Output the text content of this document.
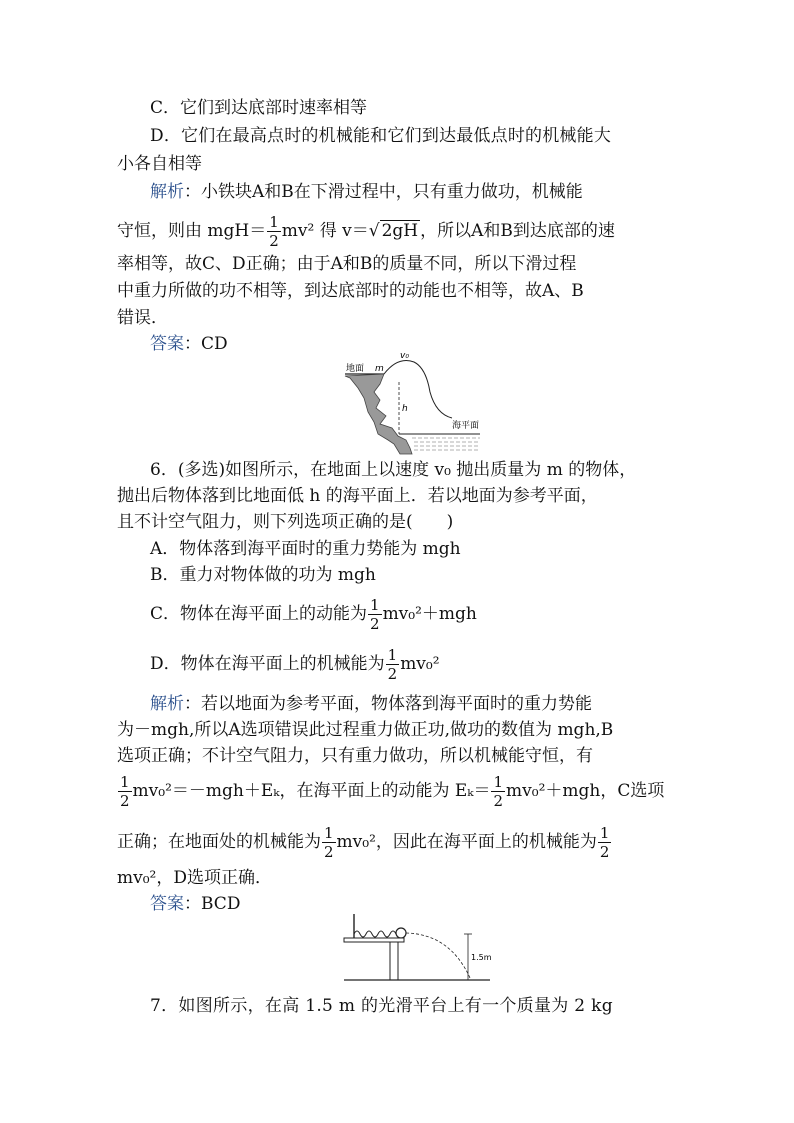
C．它们到达底部时速率相等
D．它们在最高点时的机械能和它们到达最低点时的机械能大
小各自相等
解析：小铁块A和B在下滑过程中，只有重力做功，机械能
守恒，则由 $mgH= \frac{1}{2} mv^2$ 得 v＝√ 2gH ，所以A和B到达底部的速
率相等，故C、D正确；由于A和B的质量不同，所以下滑过程
中重力所做的功不相等，到达底部时的动能也不相等，故A、B
错误．
答案：CD
地面 m
v₀
h
海平面
6．(多选)如图所示，在地面上以速度 v₀ 抛出质量为 m 的物体，
抛出后物体落到比地面低 h 的海平面上．若以地面为参考平面，
且不计空气阻力，则下列选项正确的是(　　)
A．物体落到海平面时的重力势能为 mgh
B．重力对物体做的功为 mgh
C．物体在海平面上的动能为 $\frac{1}{2} mv_0^2+mgh$
D．物体在海平面上的机械能为 $\frac{1}{2} mv_0^2$
解析：若以地面为参考平面，物体落到海平面时的重力势能
为－mgh,所以A选项错误此过程重力做正功,做功的数值为 mgh,B
选项正确；不计空气阻力，只有重力做功，所以机械能守恒，有
$\frac{1}{2} mv_0^2=-mgh+E_k$，在海平面上的动能为 $E_k= \frac{1}{2} mv_0^2+mgh$，C选项
正确；在地面处的机械能为 $\frac{1}{2} mv_0^2$，因此在海平面上的机械能为 $\frac{1}{2}$
mv₀²，D选项正确．
答案：BCD
1.5m
7．如图所示，在高 1.5 m 的光滑平台上有一个质量为 2 kg
